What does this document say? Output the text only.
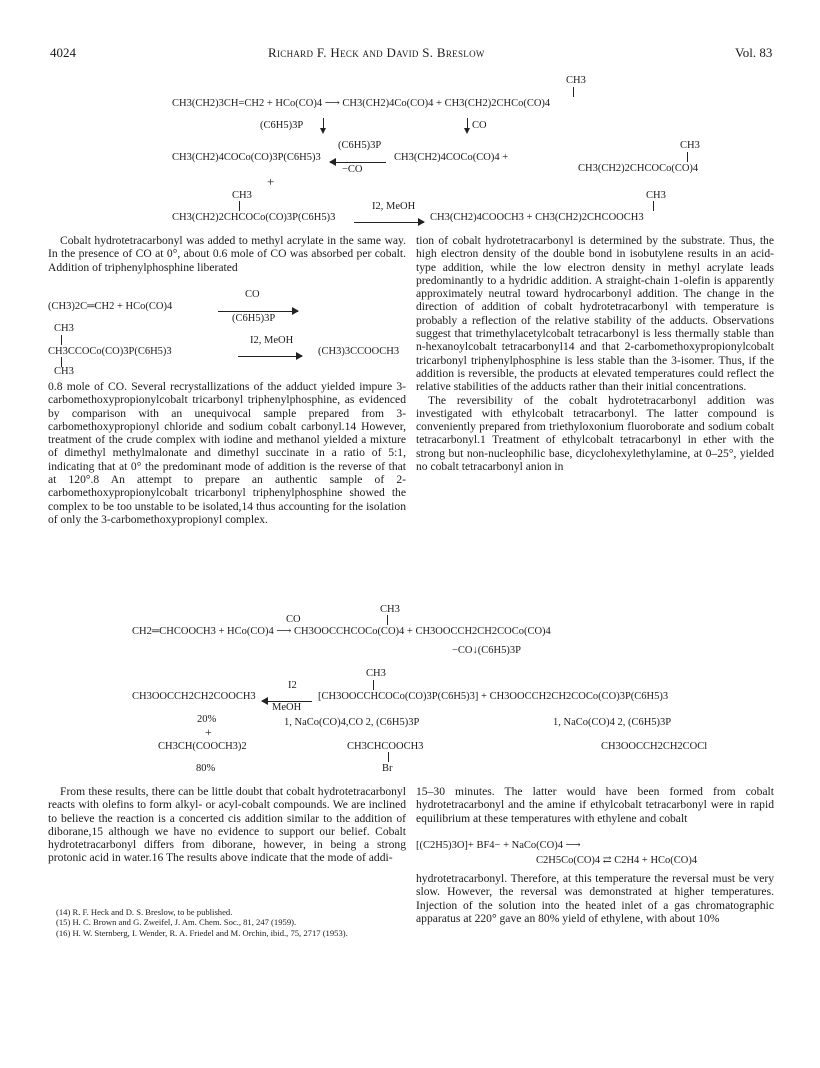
4024	Richard F. Heck and David S. Breslow	Vol. 83
CH3
CH3(CH2)3CH=CH2 + HCo(CO)4 ⟶ CH3(CH2)4Co(CO)4 + CH3(CH2)2CHCo(CO)4
(C6H5)3P	CO
(C6H5)3P	CH3
CH3(CH2)4COCo(CO)3P(C6H5)3
−CO
CH3(CH2)4COCo(CO)4 +
CH3(CH2)2CHCOCo(CO)4
+
CH3	CH3
I2, MeOH
CH3(CH2)2CHCOCo(CO)3P(C6H5)3	CH3(CH2)4COOCH3 + CH3(CH2)2CHCOOCH3

Cobalt hydrotetracarbonyl was added to methyl acrylate in the same way. In the presence of CO at 0°, about 0.6 mole of CO was absorbed per cobalt. Addition of triphenylphosphine liberated

CO
(CH3)2C═CH2 + HCo(CO)4
(C6H5)3P
CH3
I2, MeOH
CH3CCOCo(CO)3P(C6H5)3	(CH3)3CCOOCH3
CH3

0.8 mole of CO. Several recrystallizations of the adduct yielded impure 3-carbomethoxypropionylcobalt tricarbonyl triphenylphosphine, as evidenced by comparison with an unequivocal sample prepared from 3-carbomethoxypropionyl chloride and sodium cobalt carbonyl.14 However, treatment of the crude complex with iodine and methanol yielded a mixture of dimethyl methylmalonate and dimethyl succinate in a ratio of 5:1, indicating that at 0° the predominant mode of addition is the reverse of that at 120°.8 An attempt to prepare an authentic sample of 2-carbomethoxypropionylcobalt tricarbonyl triphenylphosphine showed the complex to be too unstable to be isolated,14 thus accounting for the isolation of only the 3-carbomethoxypropionyl complex.

tion of cobalt hydrotetracarbonyl is determined by the substrate. Thus, the high electron density of the double bond in isobutylene results in an acid-type addition, while the low electron density in methyl acrylate leads predominantly to a hydridic addition. A straight-chain 1-olefin is apparently approximately neutral toward hydrocarbonyl addition. The change in the direction of addition of cobalt hydrotetracarbonyl with temperature is probably a reflection of the relative stability of the adducts. Observations suggest that trimethylacetylcobalt tetracarbonyl is less thermally stable than n-hexanoylcobalt tetracarbonyl14 and that 2-carbomethoxypropionylcobalt tricarbonyl triphenylphosphine is less stable than the 3-isomer. Thus, if the addition is reversible, the products at elevated temperatures could reflect the relative stabilities of the adducts rather than their initial concentrations.

The reversibility of the cobalt hydrotetracarbonyl addition was investigated with ethylcobalt tetracarbonyl. The latter compound is conveniently prepared from triethyloxonium fluoroborate and sodium cobalt tetracarbonyl.1 Treatment of ethylcobalt tetracarbonyl in ether with the strong but non-nucleophilic base, dicyclohexylethylamine, at 0–25°, yielded no cobalt tetracarbonyl anion in

CH3
CO
CH2═CHCOOCH3 + HCo(CO)4 ⟶ CH3OOCCHCOCo(CO)4 + CH3OOCCH2CH2COCo(CO)4
−CO↓(C6H5)3P
CH3
I2
CH3OOCCH2CH2COOCH3
MeOH
[CH3OOCCHCOCo(CO)3P(C6H5)3] + CH3OOCCH2CH2COCo(CO)3P(C6H5)3
20%
+
1, NaCo(CO)4,CO 2, (C6H5)3P	1, NaCo(CO)4 2, (C6H5)3P
CH3CH(COOCH3)2	CH3CHCOOCH3	CH3OOCCH2CH2COCl
Br
80%

From these results, there can be little doubt that cobalt hydrotetracarbonyl reacts with olefins to form alkyl- or acyl-cobalt compounds. We are inclined to believe the reaction is a concerted cis addition similar to the addition of diborane,15 although we have no evidence to support our belief. Cobalt hydrotetracarbonyl differs from diborane, however, in being a strong protonic acid in water.16 The results above indicate that the mode of addi-

(14) R. F. Heck and D. S. Breslow, to be published.

(15) H. C. Brown and G. Zweifel, J. Am. Chem. Soc., 81, 247 (1959).

(16) H. W. Sternberg, I. Wender, R. A. Friedel and M. Orchin, ibid., 75, 2717 (1953).

15–30 minutes. The latter would have been formed from cobalt hydrotetracarbonyl and the amine if ethylcobalt tetracarbonyl were in rapid equilibrium at these temperatures with ethylene and cobalt

[(C2H5)3O]+ BF4− + NaCo(CO)4 ⟶
C2H5Co(CO)4 ⇄ C2H4 + HCo(CO)4

hydrotetracarbonyl. Therefore, at this temperature the reversal must be very slow. However, the reversal was demonstrated at higher temperatures. Injection of the solution into the heated inlet of a gas chromatographic apparatus at 220° gave an 80% yield of ethylene, with about 10%
